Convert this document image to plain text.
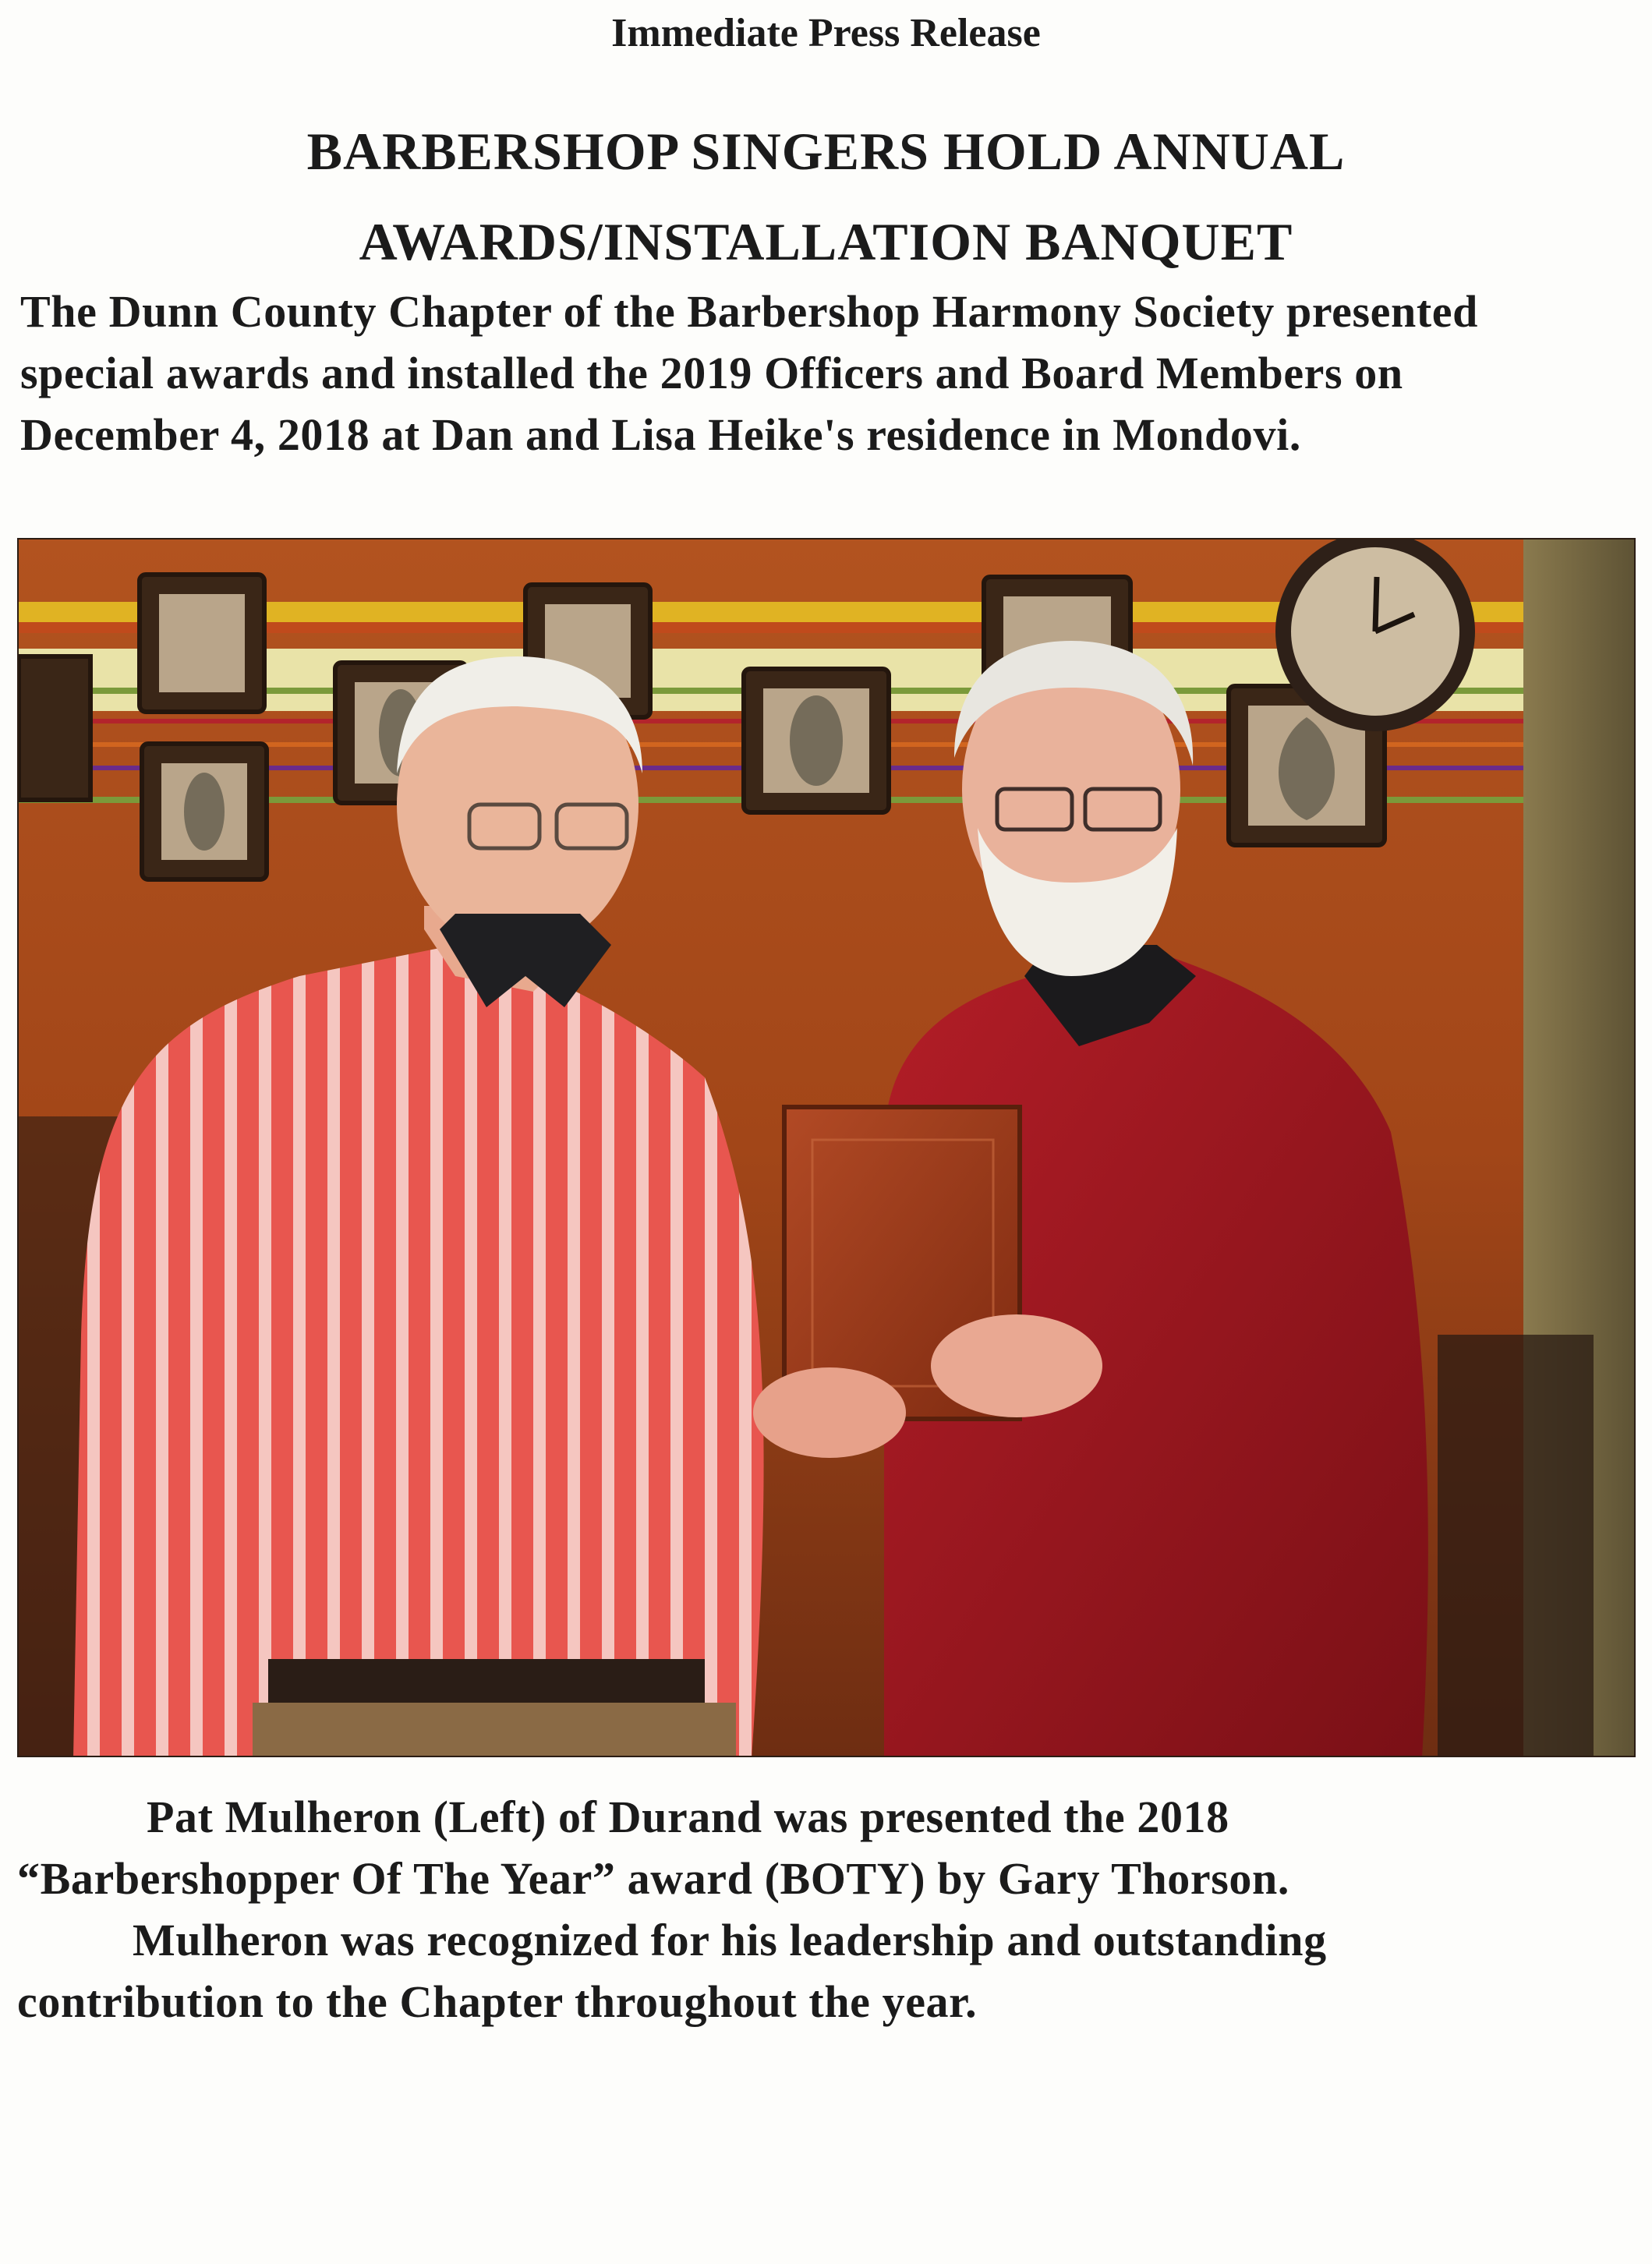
Immediate Press Release
BARBERSHOP SINGERS HOLD ANNUAL
AWARDS/INSTALLATION BANQUET
The Dunn County Chapter of the Barbershop Harmony Society presented special awards and installed the 2019 Officers and Board Members on December 4, 2018 at Dan and Lisa Heike's residence in Mondovi.
Pat Mulheron (Left) of Durand was presented the 2018
“Barbershopper Of The Year” award (BOTY) by Gary Thorson.
Mulheron was recognized for his leadership and outstanding
contribution to the Chapter throughout the year.
